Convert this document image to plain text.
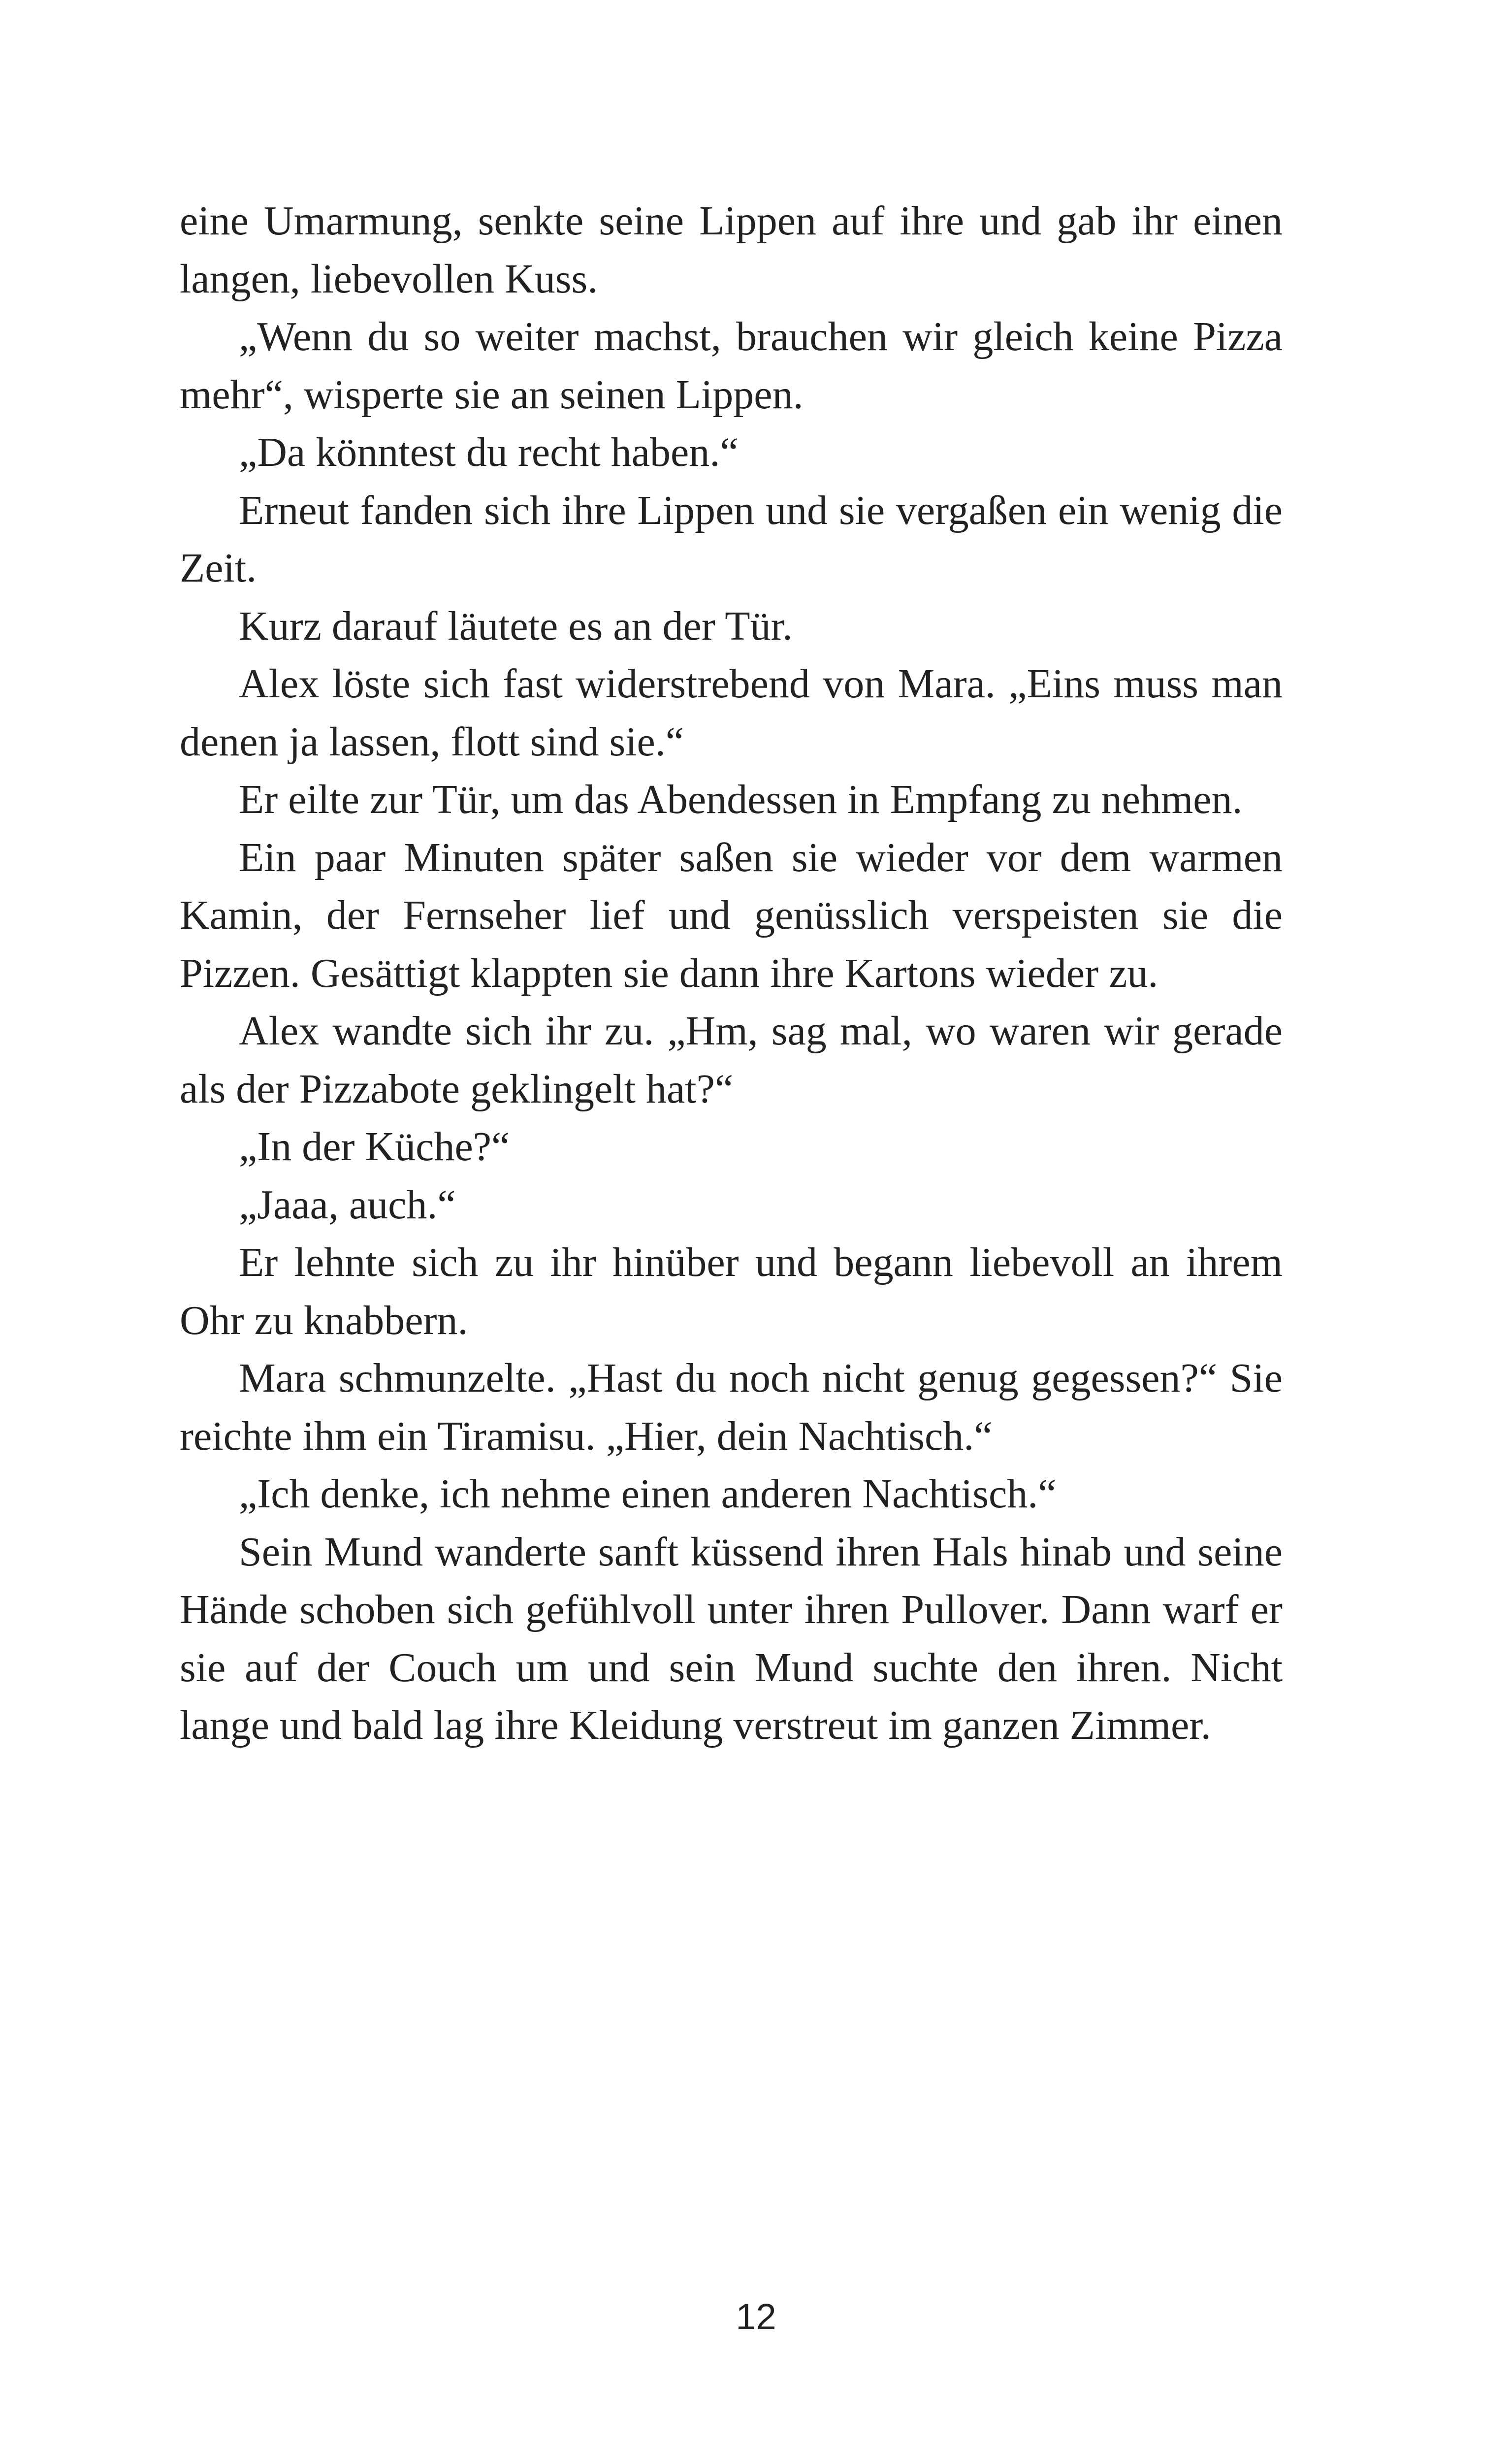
eine Umarmung, senkte seine Lippen auf ihre und gab ihr einen langen, liebevollen Kuss.

„Wenn du so weiter machst, brauchen wir gleich keine Pizza mehr“, wisperte sie an seinen Lippen.

„Da könntest du recht haben.“

Erneut fanden sich ihre Lippen und sie vergaßen ein wenig die Zeit.

Kurz darauf läutete es an der Tür.

Alex löste sich fast widerstrebend von Mara. „Eins muss man denen ja lassen, flott sind sie.“

Er eilte zur Tür, um das Abendessen in Empfang zu nehmen.

Ein paar Minuten später saßen sie wieder vor dem warmen Kamin, der Fernseher lief und genüsslich verspeisten sie die Pizzen. Gesättigt klappten sie dann ihre Kartons wieder zu.

Alex wandte sich ihr zu. „Hm, sag mal, wo waren wir gerade als der Pizzabote geklingelt hat?“

„In der Küche?“

„Jaaa, auch.“

Er lehnte sich zu ihr hinüber und begann liebevoll an ihrem Ohr zu knabbern.

Mara schmunzelte. „Hast du noch nicht genug gegessen?“ Sie reichte ihm ein Tiramisu. „Hier, dein Nachtisch.“

„Ich denke, ich nehme einen anderen Nachtisch.“

Sein Mund wanderte sanft küssend ihren Hals hinab und seine Hände schoben sich gefühlvoll unter ihren Pullover. Dann warf er sie auf der Couch um und sein Mund suchte den ihren. Nicht lange und bald lag ihre Kleidung verstreut im ganzen Zimmer.

12
